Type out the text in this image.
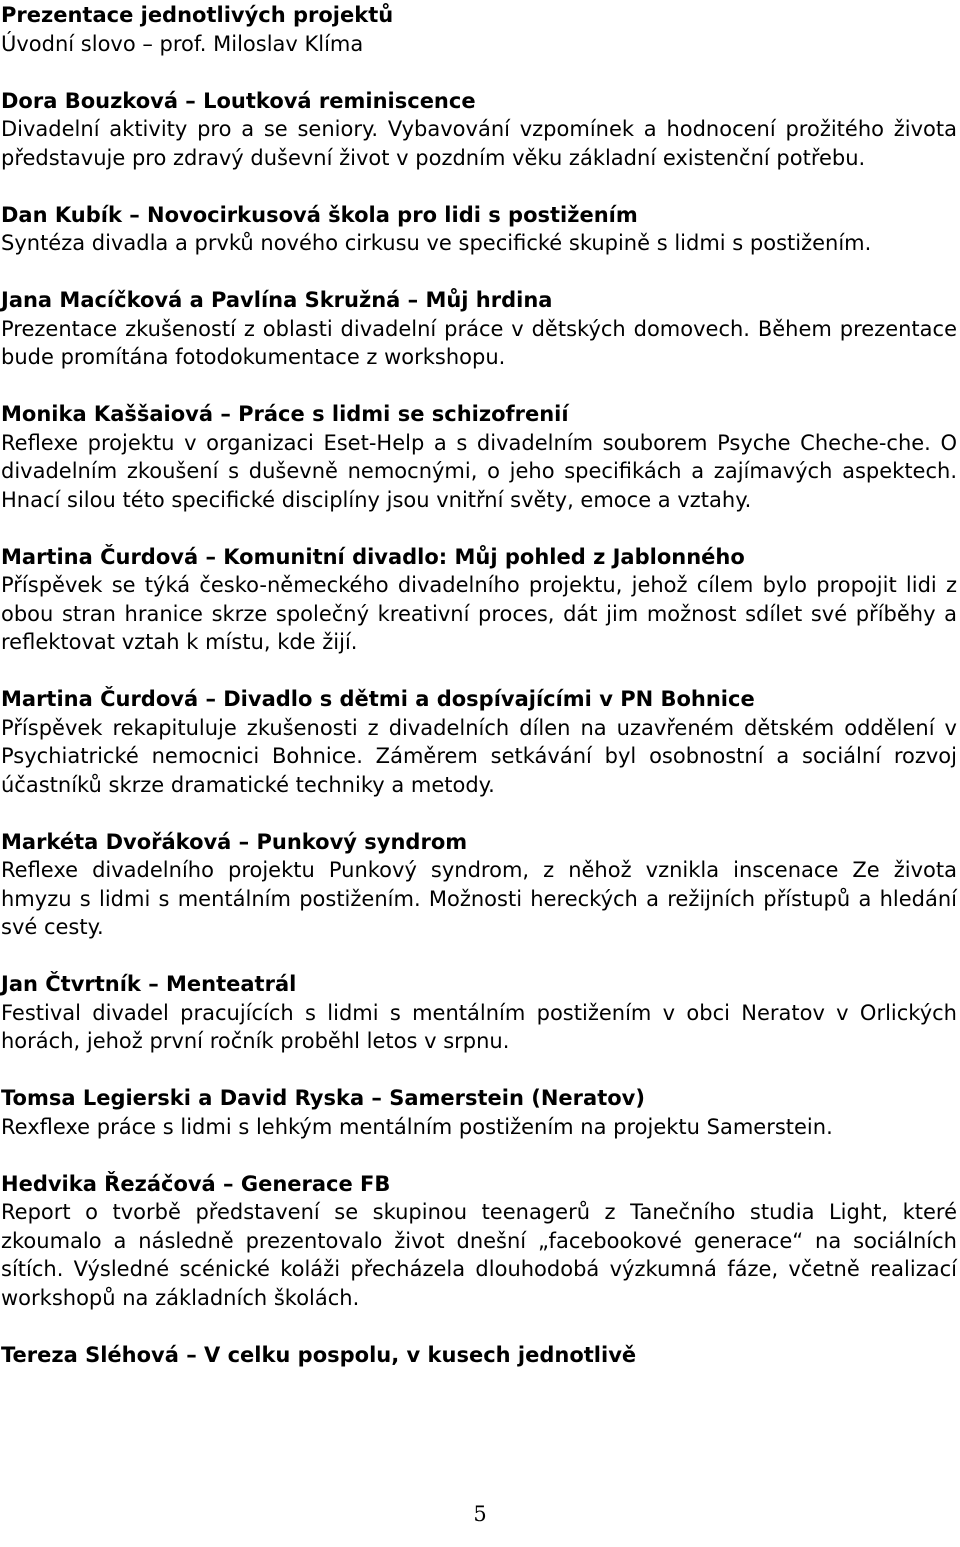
Prezentace jednotlivých projektů

Úvodní slovo – prof. Miloslav Klíma

Dora Bouzková – Loutková reminiscence

Divadelní aktivity pro a se seniory. Vybavování vzpomínek a hodnocení prožitého života představuje pro zdravý duševní život v pozdním věku základní existenční potřebu.

Dan Kubík – Novocirkusová škola pro lidi s postižením

Syntéza divadla a prvků nového cirkusu ve specifické skupině s lidmi s postižením.

Jana Macíčková a Pavlína Skružná – Můj hrdina

Prezentace zkušeností z oblasti divadelní práce v dětských domovech. Během prezentace bude promítána fotodokumentace z workshopu.

Monika Kaššaiová – Práce s lidmi se schizofrenií

Reflexe projektu v organizaci Eset-Help a s divadelním souborem Psyche Cheche-che. O divadelním zkoušení s duševně nemocnými, o jeho specifikách a zajímavých aspektech. Hnací silou této specifické disciplíny jsou vnitřní světy, emoce a vztahy.

Martina Čurdová – Komunitní divadlo: Můj pohled z Jablonného

Příspěvek se týká česko-německého divadelního projektu, jehož cílem bylo propojit lidi z obou stran hranice skrze společný kreativní proces, dát jim možnost sdílet své příběhy a reflektovat vztah k místu, kde žijí.

Martina Čurdová – Divadlo s dětmi a dospívajícími v PN Bohnice

Příspěvek rekapituluje zkušenosti z divadelních dílen na uzavřeném dětském oddělení v Psychiatrické nemocnici Bohnice. Záměrem setkávání byl osobnostní a sociální rozvoj účastníků skrze dramatické techniky a metody.

Markéta Dvořáková – Punkový syndrom

Reflexe divadelního projektu Punkový syndrom, z něhož vznikla inscenace Ze života hmyzu s lidmi s mentálním postižením. Možnosti hereckých a režijních přístupů a hledání své cesty.

Jan Čtvrtník – Menteatrál

Festival divadel pracujících s lidmi s mentálním postižením v obci Neratov v Orlických horách, jehož první ročník proběhl letos v srpnu.

Tomsa Legierski a David Ryska – Samerstein (Neratov)

Rexflexe práce s lidmi s lehkým mentálním postižením na projektu Samerstein.

Hedvika Řezáčová – Generace FB

Report o tvorbě představení se skupinou teenagerů z Tanečního studia Light, které zkoumalo a následně prezentovalo život dnešní „facebookové generace“ na sociálních sítích. Výsledné scénické koláži přecházela dlouhodobá výzkumná fáze, včetně realizací workshopů na základních školách.

Tereza Sléhová – V celku pospolu, v kusech jednotlivě

5
